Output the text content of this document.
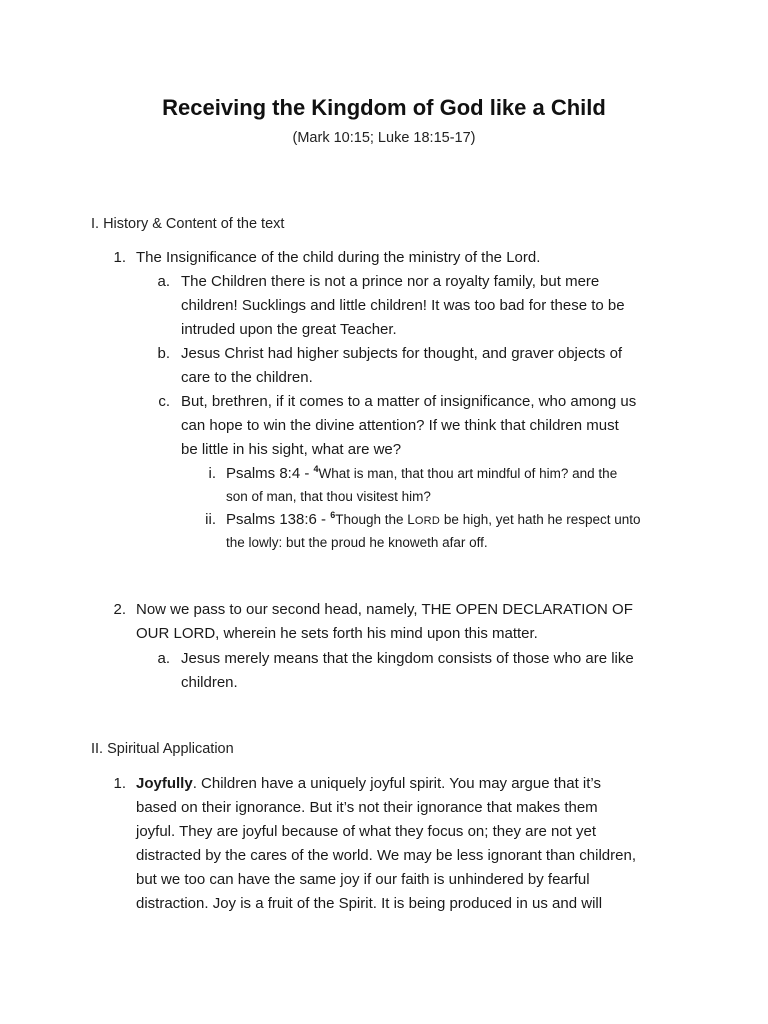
Receiving the Kingdom of God like a Child
(Mark 10:15; Luke 18:15-17)
I. History & Content of the text
1. The Insignificance of the child during the ministry of the Lord.
a. The Children there is not a prince nor a royalty family, but mere
children! Sucklings and little children! It was too bad for these to be
intruded upon the great Teacher.
b. Jesus Christ had higher subjects for thought, and graver objects of
care to the children.
c. But, brethren, if it comes to a matter of insignificance, who among us
can hope to win the divine attention? If we think that children must
be little in his sight, what are we?
i. Psalms 8:4 - $^4$What is man, that thou art mindful of him? and the
son of man, that thou visitest him?
ii. Psalms 138:6 - $^6$Though the LORD be high, yet hath he respect unto
the lowly: but the proud he knoweth afar off.
2. Now we pass to our second head, namely, THE OPEN DECLARATION OF
OUR LORD, wherein he sets forth his mind upon this matter.
a. Jesus merely means that the kingdom consists of those who are like
children.
II. Spiritual Application
1. Joyfully. Children have a uniquely joyful spirit. You may argue that it’s
based on their ignorance. But it’s not their ignorance that makes them
joyful. They are joyful because of what they focus on; they are not yet
distracted by the cares of the world. We may be less ignorant than children,
but we too can have the same joy if our faith is unhindered by fearful
distraction. Joy is a fruit of the Spirit. It is being produced in us and will
